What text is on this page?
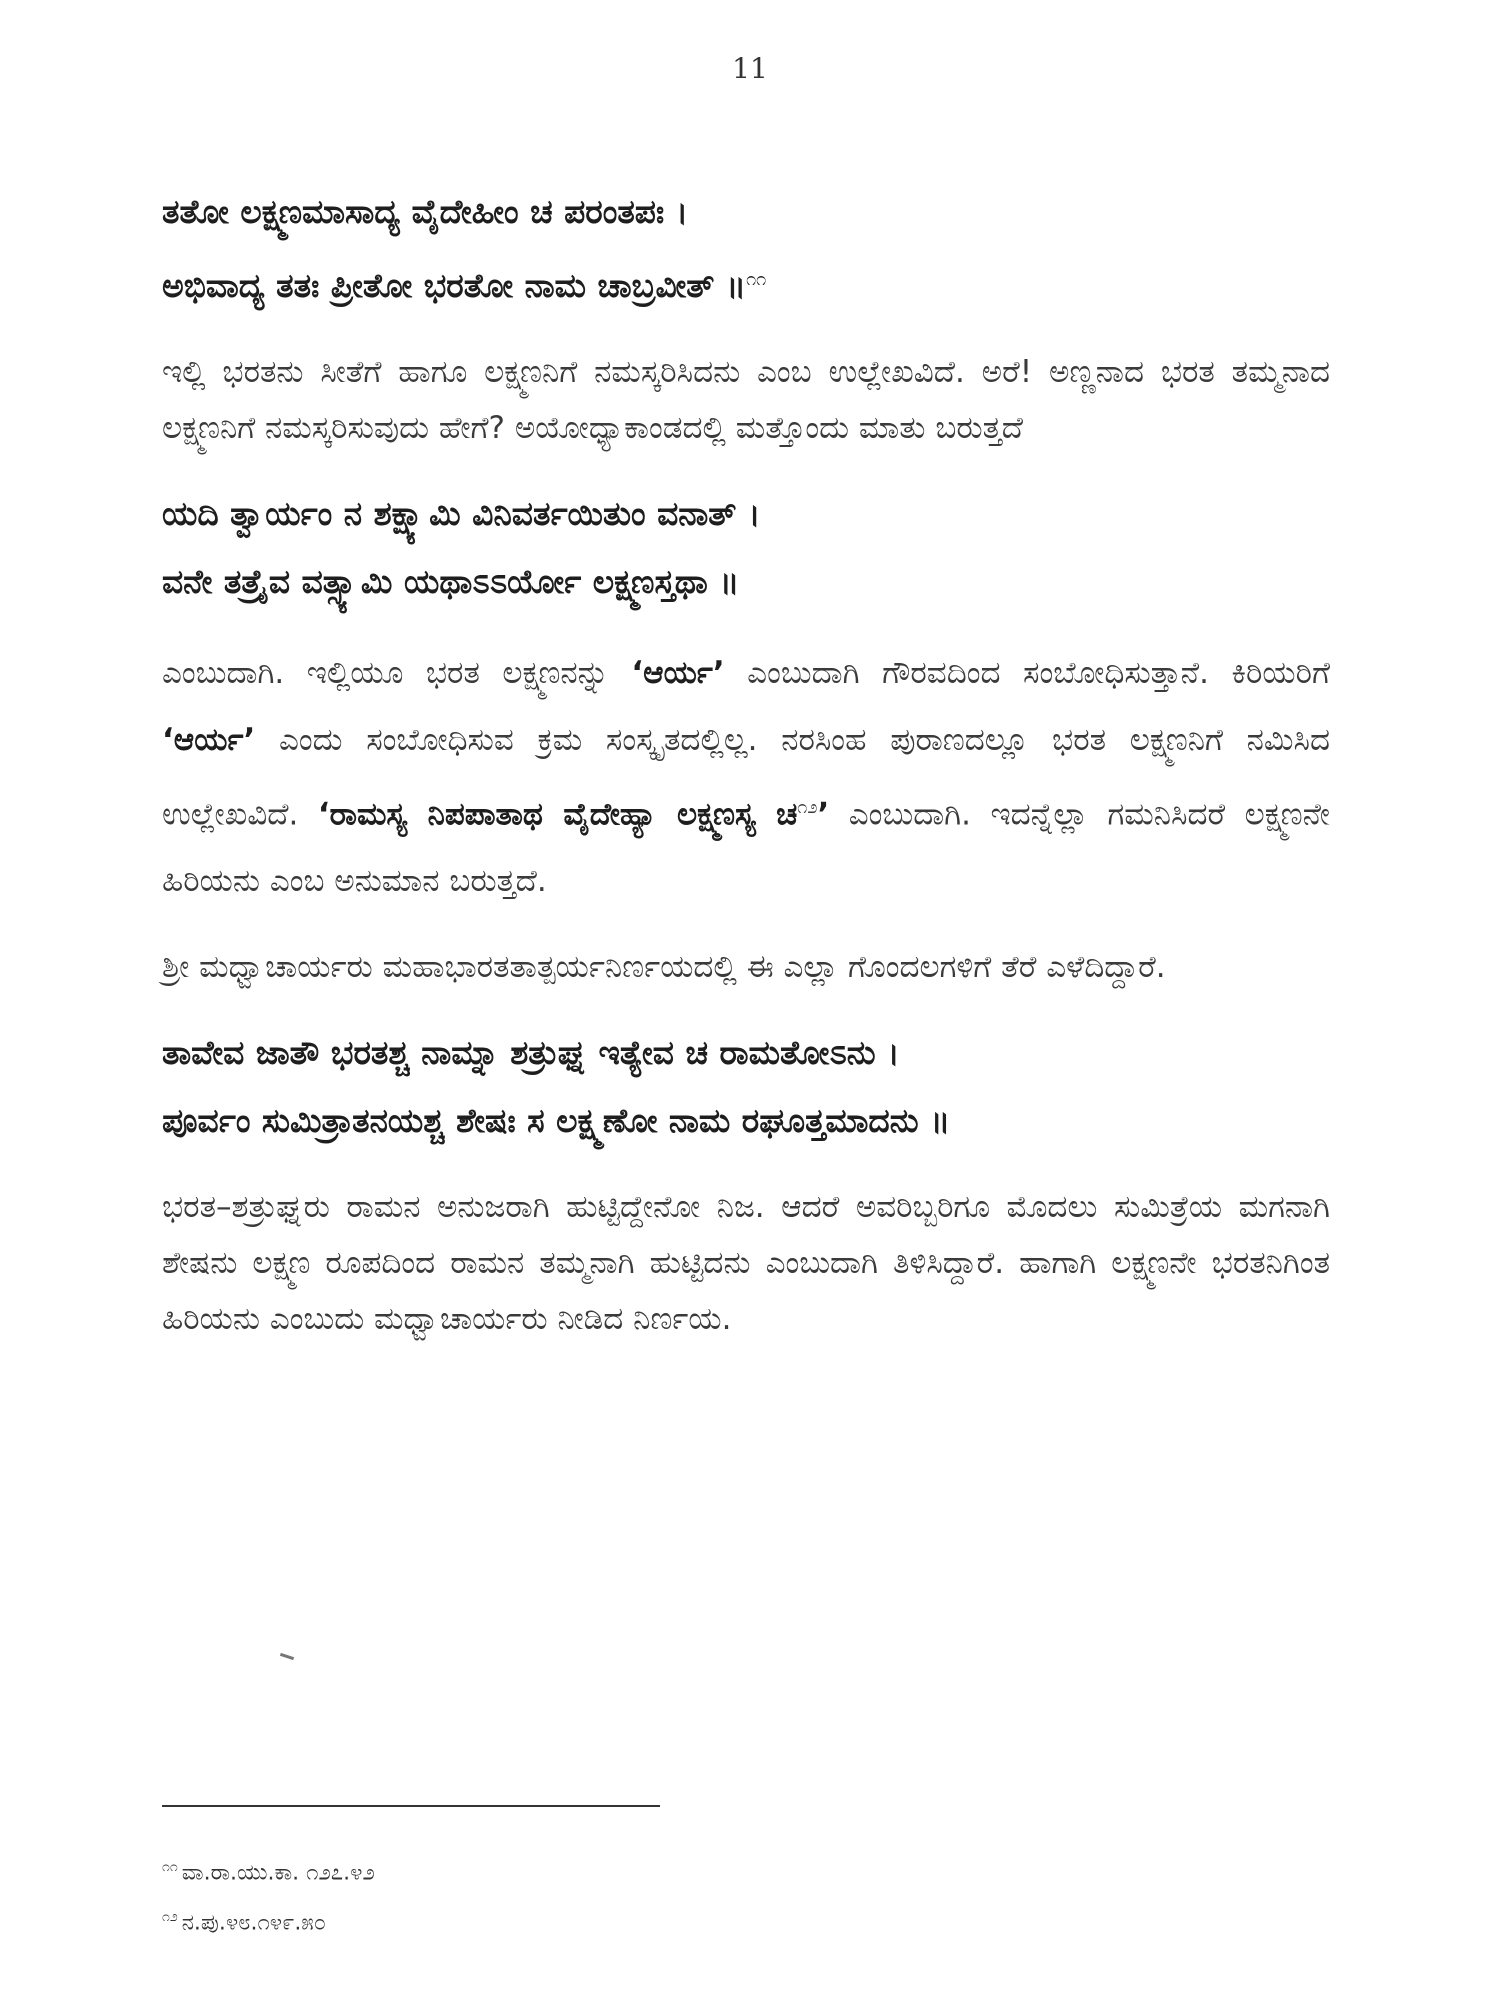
11
ತತೋ ಲಕ್ಷ್ಮಣಮಾಸಾದ್ಯ ವೈದೇಹೀಂ ಚ ಪರಂತಪಃ ।
ಅಭಿವಾದ್ಯ ತತಃ ಪ್ರೀತೋ ಭರತೋ ನಾಮ ಚಾಬ್ರವೀತ್ ॥$^{೧೧}$

ಇಲ್ಲಿ ಭರತನು ಸೀತೆಗೆ ಹಾಗೂ ಲಕ್ಷ್ಮಣನಿಗೆ ನಮಸ್ಕರಿಸಿದನು ಎಂಬ ಉಲ್ಲೇಖವಿದೆ. ಅರೆ! ಅಣ್ಣನಾದ ಭರತ ತಮ್ಮನಾದ ಲಕ್ಷ್ಮಣನಿಗೆ ನಮಸ್ಕರಿಸುವುದು ಹೇಗೆ? ಅಯೋಧ್ಯಾಕಾಂಡದಲ್ಲಿ ಮತ್ತೊಂದು ಮಾತು ಬರುತ್ತದೆ

ಯದಿ ತ್ವಾರ್ಯಂ ನ ಶಕ್ಷ್ಯಾಮಿ ವಿನಿವರ್ತಯಿತುಂ ವನಾತ್ ।
ವನೇ ತತ್ರೈವ ವತ್ಸ್ಯಾಮಿ ಯಥಾಽಽರ್ಯೋ ಲಕ್ಷ್ಮಣಸ್ತಥಾ ॥

ಎಂಬುದಾಗಿ. ಇಲ್ಲಿಯೂ ಭರತ ಲಕ್ಷ್ಮಣನನ್ನು ‘ಆರ್ಯ’ ಎಂಬುದಾಗಿ ಗೌರವದಿಂದ ಸಂಬೋಧಿಸುತ್ತಾನೆ. ಕಿರಿಯರಿಗೆ ‘ಆರ್ಯ’ ಎಂದು ಸಂಬೋಧಿಸುವ ಕ್ರಮ ಸಂಸ್ಕೃತದಲ್ಲಿಲ್ಲ. ನರಸಿಂಹ ಪುರಾಣದಲ್ಲೂ ಭರತ ಲಕ್ಷ್ಮಣನಿಗೆ ನಮಿಸಿದ ಉಲ್ಲೇಖವಿದೆ. ‘ರಾಮಸ್ಯ ನಿಪಪಾತಾಥ ವೈದೇಹ್ಯಾ ಲಕ್ಷ್ಮಣಸ್ಯ ಚ$^{೧೨}$’ ಎಂಬುದಾಗಿ. ಇದನ್ನೆಲ್ಲಾ ಗಮನಿಸಿದರೆ ಲಕ್ಷ್ಮಣನೇ ಹಿರಿಯನು ಎಂಬ ಅನುಮಾನ ಬರುತ್ತದೆ.

ಶ್ರೀ ಮಧ್ವಾಚಾರ್ಯರು ಮಹಾಭಾರತತಾತ್ಪರ್ಯನಿರ್ಣಯದಲ್ಲಿ ಈ ಎಲ್ಲಾ ಗೊಂದಲಗಳಿಗೆ ತೆರೆ ಎಳೆದಿದ್ದಾರೆ.

ತಾವೇವ ಜಾತೌ ಭರತಶ್ಚ ನಾಮ್ನಾ ಶತ್ರುಘ್ನ ಇತ್ಯೇವ ಚ ರಾಮತೋಽನು ।
ಪೂರ್ವಂ ಸುಮಿತ್ರಾತನಯಶ್ಚ ಶೇಷಃ ಸ ಲಕ್ಷ್ಮಣೋ ನಾಮ ರಘೂತ್ತಮಾದನು ॥

ಭರತ–ಶತ್ರುಘ್ನರು ರಾಮನ ಅನುಜರಾಗಿ ಹುಟ್ಟಿದ್ದೇನೋ ನಿಜ. ಆದರೆ ಅವರಿಬ್ಬರಿಗೂ ಮೊದಲು ಸುಮಿತ್ರೆಯ ಮಗನಾಗಿ ಶೇಷನು ಲಕ್ಷ್ಮಣ ರೂಪದಿಂದ ರಾಮನ ತಮ್ಮನಾಗಿ ಹುಟ್ಟಿದನು ಎಂಬುದಾಗಿ ತಿಳಿಸಿದ್ದಾರೆ. ಹಾಗಾಗಿ ಲಕ್ಷ್ಮಣನೇ ಭರತನಿಗಿಂತ ಹಿರಿಯನು ಎಂಬುದು ಮಧ್ವಾಚಾರ್ಯರು ನೀಡಿದ ನಿರ್ಣಯ.

$^{೧೧}$ ವಾ.ರಾ.ಯು.ಕಾ. ೧೨೭.೪೨
$^{೧೨}$ ನ.ಪು.೪೮.೧೪೯.೫೦
